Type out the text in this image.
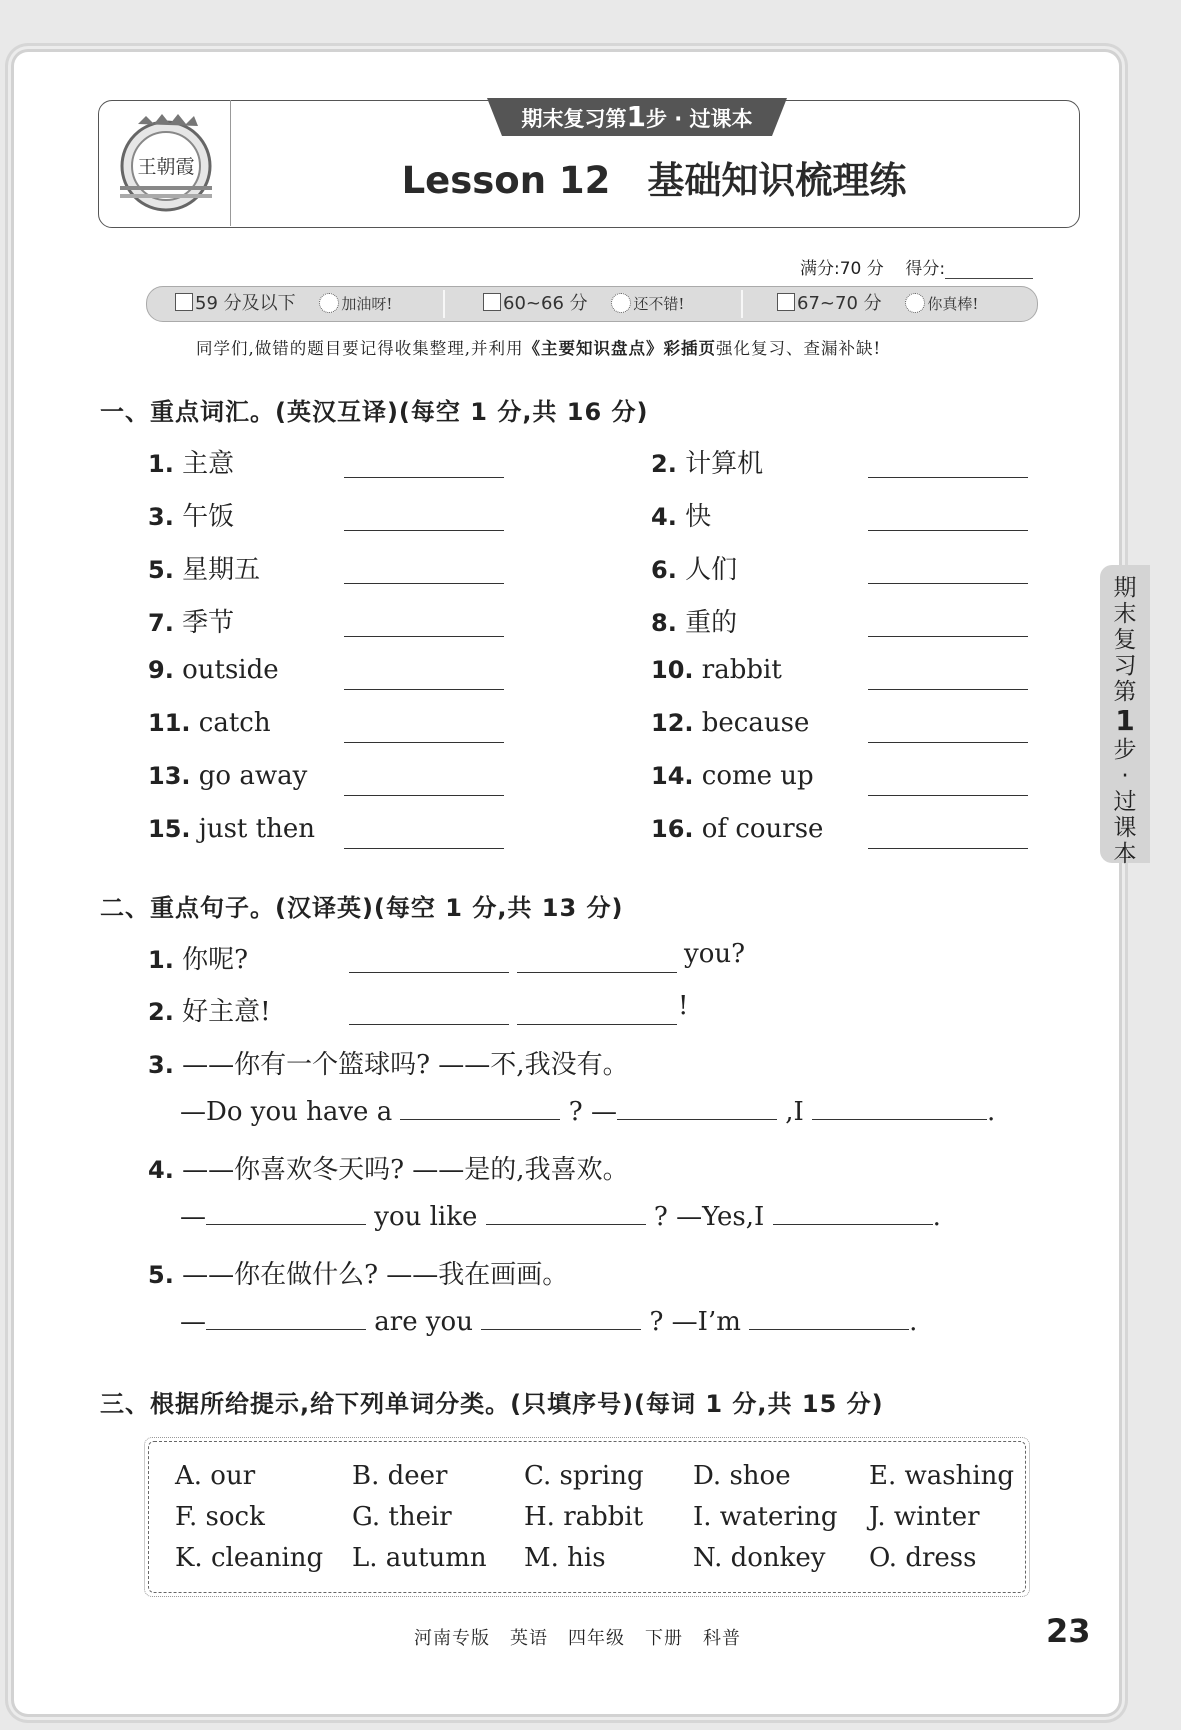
王朝霞
期末复习第1步 · 过课本
Lesson 12　基础知识梳理练
满分:70 分 得分:
59 分及以下	加油呀!	60~66 分	还不错!	67~70 分	你真棒!
同学们,做错的题目要记得收集整理,并利用《主要知识盘点》彩插页强化复习、查漏补缺!
一、重点词汇。(英汉互译)(每空 1 分,共 16 分)
1. 主意	2. 计算机
3. 午饭	4. 快
5. 星期五	6. 人们
7. 季节	8. 重的
9. outside	10. rabbit
11. catch	12. because
13. go away	14. come up
15. just then	16. of course
二、重点句子。(汉译英)(每空 1 分,共 13 分)
1. 你呢?	you?
2. 好主意!	!
3. ——你有一个篮球吗? ——不,我没有。
—Do you have a	? —	,I	.
4. ——你喜欢冬天吗? ——是的,我喜欢。
—	you like	? —Yes,I	.
5. ——你在做什么? ——我在画画。
—	are you	? —I’m	.
三、根据所给提示,给下列单词分类。(只填序号)(每词 1 分,共 15 分)
A. our	B. deer	C. spring D. shoe	E. washing
F. sock	G. their	H. rabbit I. watering J. winter
K. cleaning L. autumn M. his	N. donkey O. dress
期
末
复
习
第
1
步
·
过
课
本
河南专版 英语 四年级 下册 科普	23
